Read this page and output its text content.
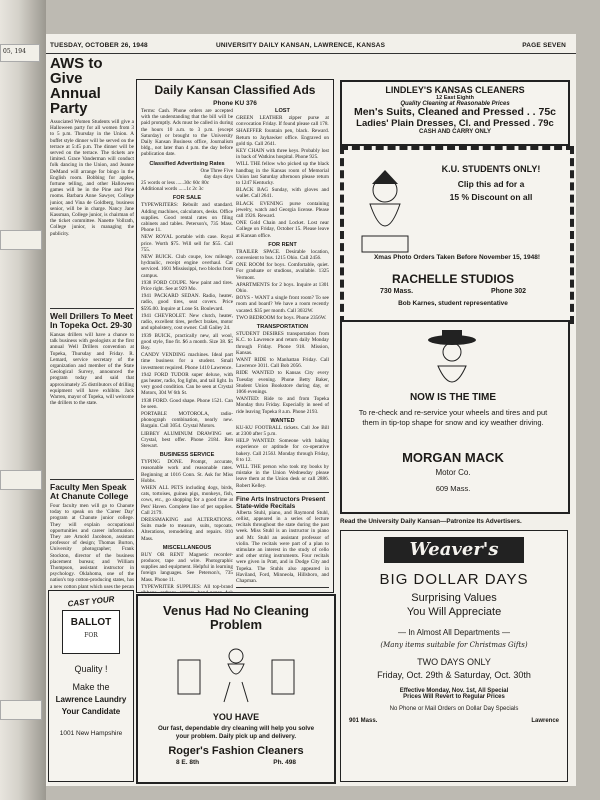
05, 194
TUESDAY, OCTOBER 26, 1948	UNIVERSITY DAILY KANSAN, LAWRENCE, KANSAS	PAGE SEVEN
AWS to Give Annual Party
Associated Women Students will give a Halloween party for all women from 3 to 5 p.m. Thursday in the Union. A buffet style dinner will be served on the terrace at 5:45 p.m. The dinner will be served on the terrace. The tickets are limited. Grace Vanderman will conduct folk dancing in the Union, and Jeanne DeMand will arrange for bingo in the English room. Bobbing for apples, fortune telling, and other Halloween games will be in the Pine and Pine rooms. Barbara Anne Sawyer, College junior, and Vina de Goldberg, business senior, will be in charge. Nancy Jane Kassman, College junior, is chairman of the ticket committee. Nanette Vollrath, College junior, is managing the publicity.
Well Drillers To Meet In Topeka Oct. 29-30
Kansas drillers will have a chance to talk business with geologists at the first annual Well Drillers convention at Topeka, Thursday and Friday. R. Lemard, service secretary of the organization and member of the State Geological Survey, announced the program today and said that approximately 25 distributors of drilling equipment will have exhibits. Jack Warren, mayor of Topeka, will welcome the drillers to the state.
Faculty Men Speak At Chanute College
Four faculty men will go to Chanute today to speak on the 'Career Day' program at Chanute junior college. They will explain occupational opportunities and career information. They are Arnold Jacobson, assistant professor of design; Thomas Burton, University photographer; Frank Stockton, director of the business placement bureau; and William Thompson, assistant instructor in psychology. Oklahoma, one of the nation's top cotton-producing states, has a new cotton plant which uses the pecan
CAST YOUR
BALLOT
FOR
Quality !
Make the
Lawrence Laundry
Your Candidate
1001 New Hampshire
Daily Kansan Classified Ads
Phone KU 376
Terms: Cash. Phone orders are accepted with the understanding that the bill will be paid promptly. Ads must be called in during the hours 10 a.m. to 3 p.m. (except Saturday) or brought to the University Daily Kansan Business office, Journalism bldg., not later than 4 p.m. the day before publication date.
Classified Advertising Rates
One Three Five
day days days
25 words or less ......30c 60c 80c
Additional words ......1c 2c 3c
FOR SALE
TYPEWRITERS: Rebuilt and standard. Adding machines, calculators, desks. Office supplies. Good rental rates on filing cabinets and tables. Peterson's, 735 Mass. Phone 11.
NEW ROYAL portable with case. Royal price. Worth $75. Will sell for $55. Call 755.
NEW BUICK. Club coupe, low mileage, hydraulic, receipt engine overhaul. Car serviced. 1601 Mississippi, two blocks from campus.
1938 FORD COUPE. New paint and tires. Price right. See at 929 Mo.
1941 PACKARD SEDAN. Radio, heater, radio, good tires, seat covers. Price $595.00. Inquire at Lone St. Boulevard.
1941 CHEVROLET. New clutch, heater, radio, excellent tires, perfect brakes, motor and upholstery, cost owner. Call Gailey 24.
1939 BUICK, practically new, all wool, good style, fine fit. $6 a month. Size 38. $5 Boy.
CANDY VENDING machines. Ideal part time business for a student. Small investment required. Phone 1410 Lawrence.
1942 FORD TUDOR super deluxe, with gas heater, radio, fog lights, and tail light. In very good condition. Can be seen at Crystal Motors, 304 W 6th St.
1938 FORD. Good shape. Phone 1521. Can be seen.
PORTABLE MOTOROLA, radio-phonograph combination, nearly new. Bargain. Call 3054. Crystal Motors.
LIBBEY ALUMINUM DRAWING set. Crystal, best offer. Phone 2184. Ron Stewart.
BUSINESS SERVICE
TYPING DONE. Prompt, accurate, reasonable work and reasonable rates. Beginning at 1016 Conn. St. Ask for Miss Hobbs.
WHEN ALL PETS including dogs, birds, cats, tortoises, guinea pigs, monkeys, fish, cows, etc., go shopping for a good time at Pets' Haven. Complete line of pet supplies. Call 2179.
DRESSMAKING and ALTERATIONS. Suits made to measure, suits, topcoats. Alterations, remodeling and repairs. 810 Mass.
MISCELLANEOUS
BUY OR RENT Magnetic recorder-producer, tape and wire. Photographic supplies and equipment. Helpful in learning foreign languages. See Peterson's, 735 Mass. Phone 11.
TYPEWRITER SUPPLIES: All top-brand
LOST
GREEN LEATHER zipper purse at convocation Friday. If found please call 178.
SHAEFFER fountain pen, black. Reward. Return to Jayhawker office. Engraved on gold tip. Call 2641.
KEY CHAIN with three keys. Probably lost in back of Watkins hospital. Phone 925.
WILL THE fellow who picked up the black handbag in the Kansas room of Memorial Union last Saturday afternoon please return to 1247 Kentucky.
BLACK BAG Sunday, with gloves and wallet. Call 2641.
BLACK EVENING purse containing jewelry, watch and Georgia license. Please call 1926. Reward.
ONE Gold Chain and Locket. Lost near College on Friday, October 15. Please leave at Kansan office.
FOR RENT
TRAILER SPACE. Desirable location, convenient to bus. 1215 Ohio. Call 2456.
ONE ROOM for boys. Comfortable, quiet. For graduate or studious, available. 1325 Vermont.
APARTMENTS for 2 boys. Inquire at 1301 Ohio.
BOYS - WANT a single front room? To see room and board? We have a room recently vacated. $35 per month. Call 3032W.
TWO BEDROOM for boys. Phone 2356W.
TRANSPORTATION
STUDENT DESIRES transportation from K.C. to Lawrence and return daily Monday through Friday. Phone 918. Mission, Kansas.
WANT RIDE to Manhattan Friday. Call Lawrence 3011. Call Bob 2056.
RIDE WANTED to Kansas City every Tuesday evening. Phone Betty Baker, Student Union Bookstore during day, or 1066 evenings.
WANTED: Ride to and from Topeka Monday thru Friday. Especially in need of ride leaving Topeka 8 a.m. Phone 2193.
WANTED
KU-KU FOOTBALL tickets. Call Joe Bill at 2300 after 5 p.m.
HELP WANTED: Someone with baking experience or aptitude for co-operative bakery. Call 2156J. Monday through Friday, 8 to 12.
WILL THE person who took my books by mistake in the Union Wednesday please leave them at the Union desk or call 2886. Robert Kelley.
Fine Arts Instructors Present State-wide Recitals
Alberta Stuhl, piano, and Raymond Stuhl, cellist, appeared in a series of lecture recitals throughout the state during the past week. Miss Stuhl is an instructor in piano and Mr. Stuhl an assistant professor of violin. The recitals were part of a plan to stimulate an interest in the study of cello and other string instruments. Four recitals were given in Pratt, and in Dodge City and Topeka. The Stuhls also appeared in Haviland, Ford, Minneola, Hillsboro, and Chapman.
Venus Had No Cleaning Problem
YOU HAVE
Our fast, dependable dry cleaning will help you solve your problem. Daily pick up and delivery.
Roger's Fashion Cleaners
8 E. 8th	Ph. 498
LINDLEY'S KANSAS CLEANERS
12 East Eighth
Quality Cleaning at Reasonable Prices
Men's Suits, Cleaned and Pressed . . 75c
Ladies' Plain Dresses, Cl. and Pressed . 79c
CASH AND CARRY ONLY
K.U. STUDENTS ONLY!
Clip this ad for a
15 % Discount on all
Xmas Photo Orders Taken Before November 15, 1948!
RACHELLE STUDIOS
730 Mass.	Phone 302
Bob Karnes, student representative
NOW IS THE TIME
To re-check and re-service your wheels and tires and put them in tip-top shape for snow and icy weather driving.
MORGAN MACK
Motor Co.
609 Mass.
Read the University Daily Kansan—Patronize Its Advertisers.
Weaver's
BIG DOLLAR DAYS
Surprising Values
You Will Appreciate
— In Almost All Departments —
(Many items suitable for Christmas Gifts)
TWO DAYS ONLY
Friday, Oct. 29th & Saturday, Oct. 30th
Effective Monday, Nov. 1st, All Special
Prices Will Revert to Regular Prices
No Phone or Mail Orders on Dollar Day Specials
901 Mass.	Lawrence
